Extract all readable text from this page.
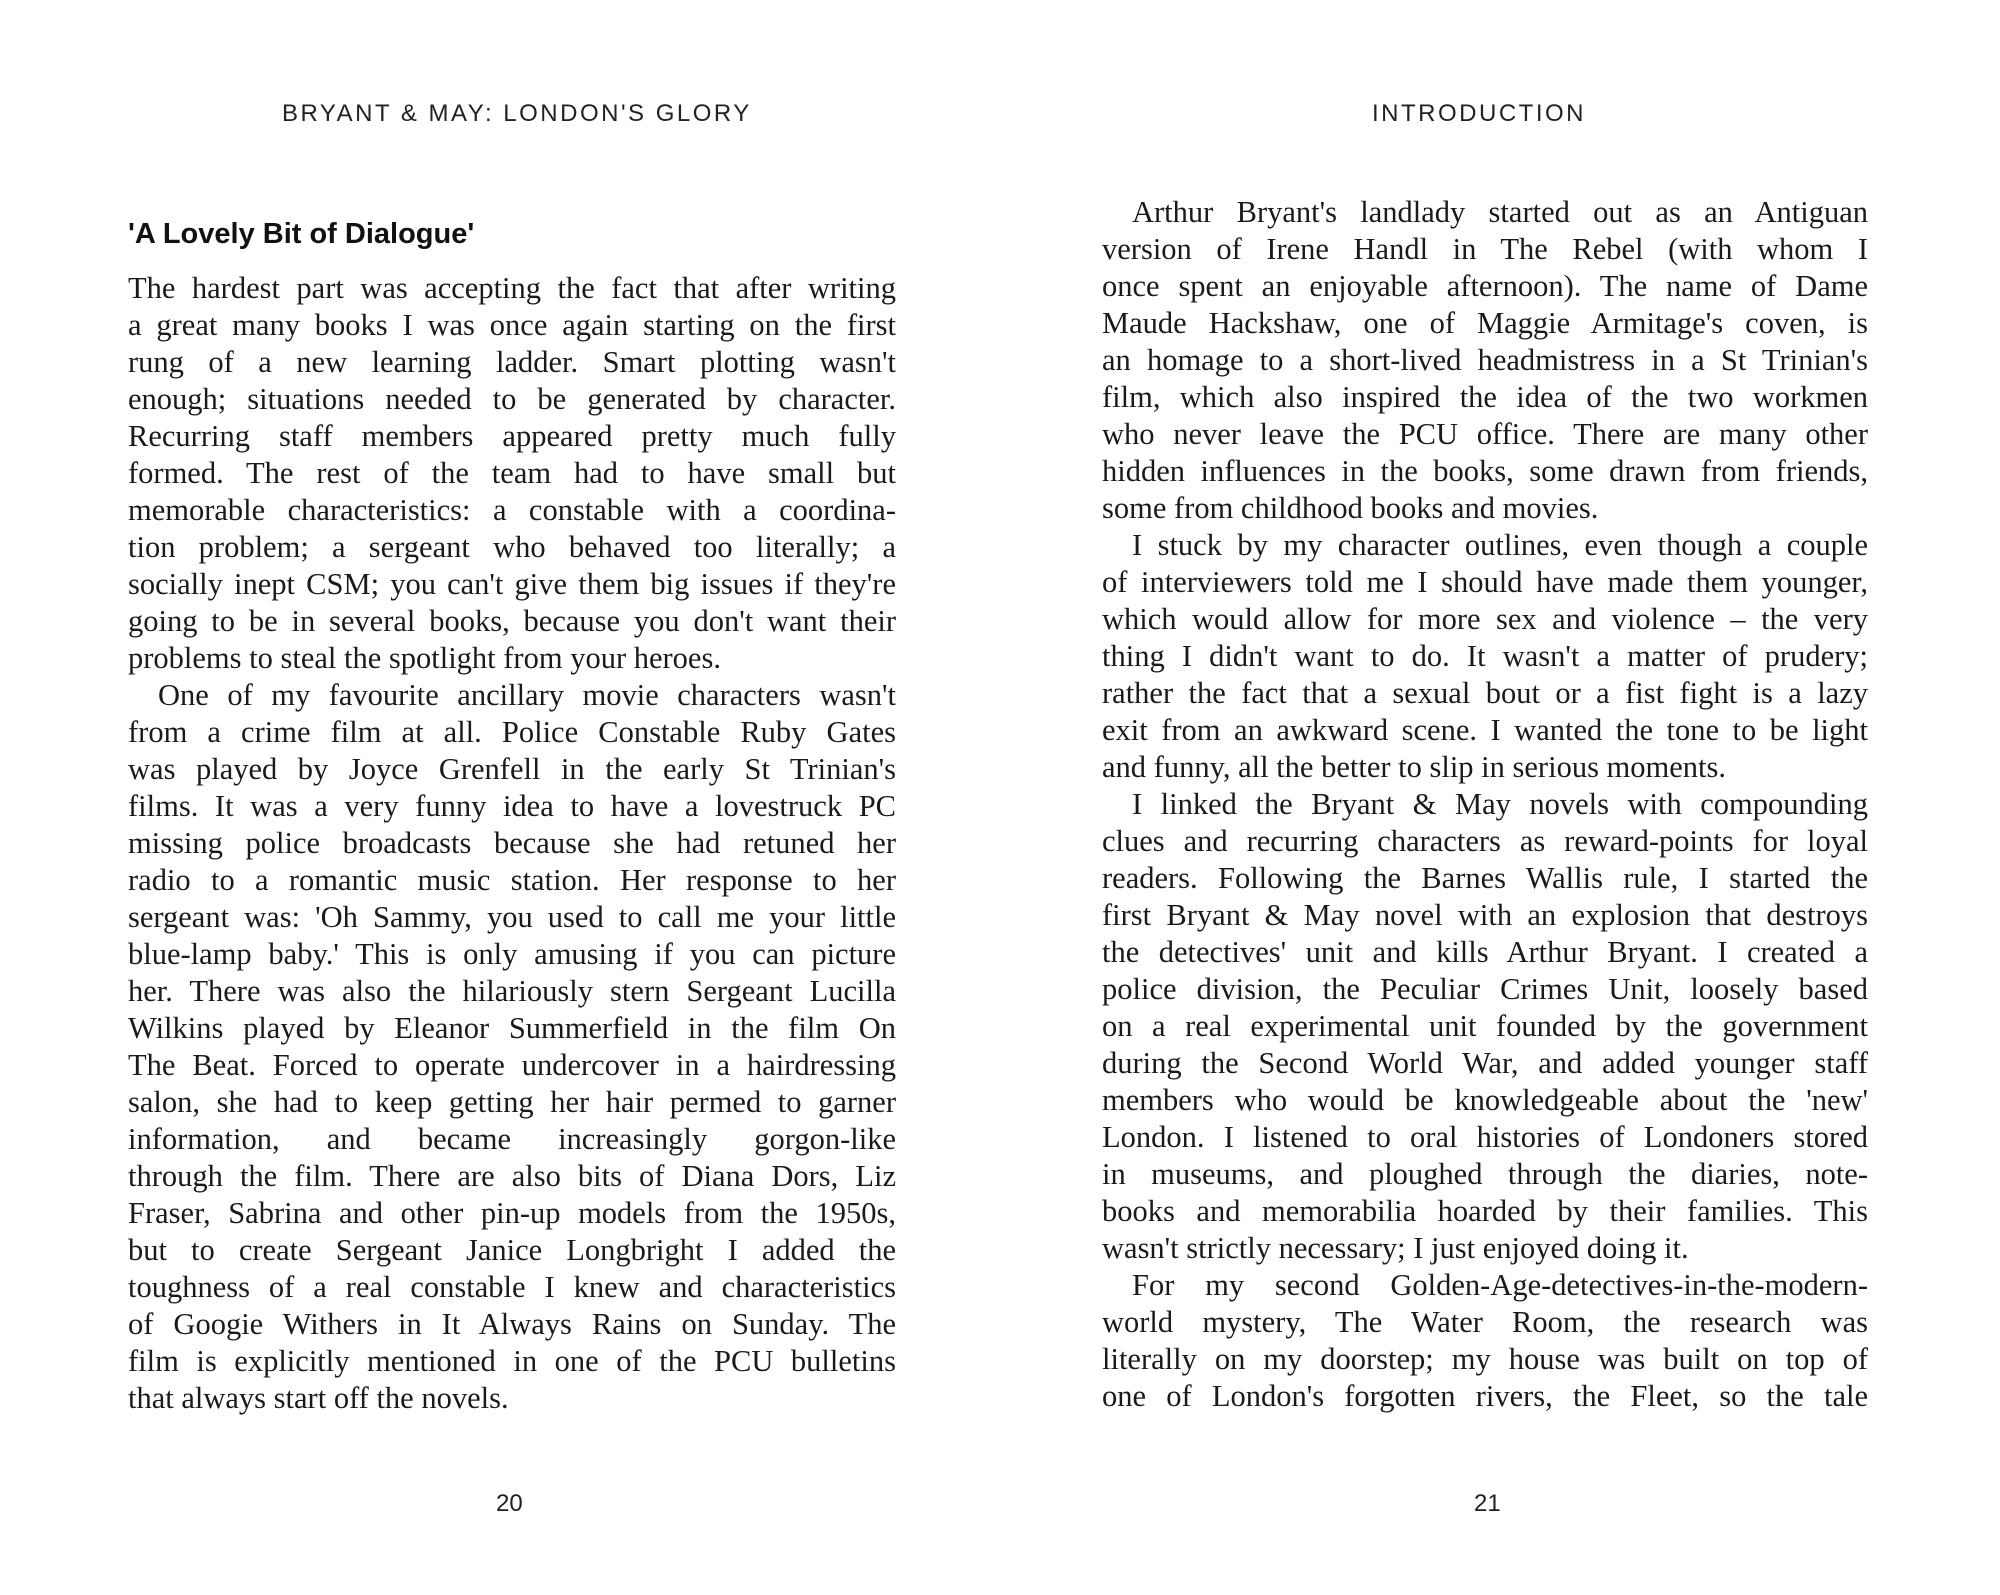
BRYANT & MAY: LONDON'S GLORY
'A Lovely Bit of Dialogue'
The hardest part was accepting the fact that after writing
a great many books I was once again starting on the first
rung of a new learning ladder. Smart plotting wasn't
enough; situations needed to be generated by character.
Recurring staff members appeared pretty much fully
formed. The rest of the team had to have small but
memorable characteristics: a constable with a coordina-
tion problem; a sergeant who behaved too literally; a
socially inept CSM; you can't give them big issues if they're
going to be in several books, because you don't want their
problems to steal the spotlight from your heroes.
One of my favourite ancillary movie characters wasn't
from a crime film at all. Police Constable Ruby Gates
was played by Joyce Grenfell in the early St Trinian's
films. It was a very funny idea to have a lovestruck PC
missing police broadcasts because she had retuned her
radio to a romantic music station. Her response to her
sergeant was: 'Oh Sammy, you used to call me your little
blue-lamp baby.' This is only amusing if you can picture
her. There was also the hilariously stern Sergeant Lucilla
Wilkins played by Eleanor Summerfield in the film On
The Beat. Forced to operate undercover in a hairdressing
salon, she had to keep getting her hair permed to garner
information, and became increasingly gorgon-like
through the film. There are also bits of Diana Dors, Liz
Fraser, Sabrina and other pin-up models from the 1950s,
but to create Sergeant Janice Longbright I added the
toughness of a real constable I knew and characteristics
of Googie Withers in It Always Rains on Sunday. The
film is explicitly mentioned in one of the PCU bulletins
that always start off the novels.
20
INTRODUCTION
Arthur Bryant's landlady started out as an Antiguan
version of Irene Handl in The Rebel (with whom I
once spent an enjoyable afternoon). The name of Dame
Maude Hackshaw, one of Maggie Armitage's coven, is
an homage to a short-lived headmistress in a St Trinian's
film, which also inspired the idea of the two workmen
who never leave the PCU office. There are many other
hidden influences in the books, some drawn from friends,
some from childhood books and movies.
I stuck by my character outlines, even though a couple
of interviewers told me I should have made them younger,
which would allow for more sex and violence – the very
thing I didn't want to do. It wasn't a matter of prudery;
rather the fact that a sexual bout or a fist fight is a lazy
exit from an awkward scene. I wanted the tone to be light
and funny, all the better to slip in serious moments.
I linked the Bryant & May novels with compounding
clues and recurring characters as reward-points for loyal
readers. Following the Barnes Wallis rule, I started the
first Bryant & May novel with an explosion that destroys
the detectives' unit and kills Arthur Bryant. I created a
police division, the Peculiar Crimes Unit, loosely based
on a real experimental unit founded by the government
during the Second World War, and added younger staff
members who would be knowledgeable about the 'new'
London. I listened to oral histories of Londoners stored
in museums, and ploughed through the diaries, note-
books and memorabilia hoarded by their families. This
wasn't strictly necessary; I just enjoyed doing it.
For my second Golden-Age-detectives-in-the-modern-
world mystery, The Water Room, the research was
literally on my doorstep; my house was built on top of
one of London's forgotten rivers, the Fleet, so the tale
21
